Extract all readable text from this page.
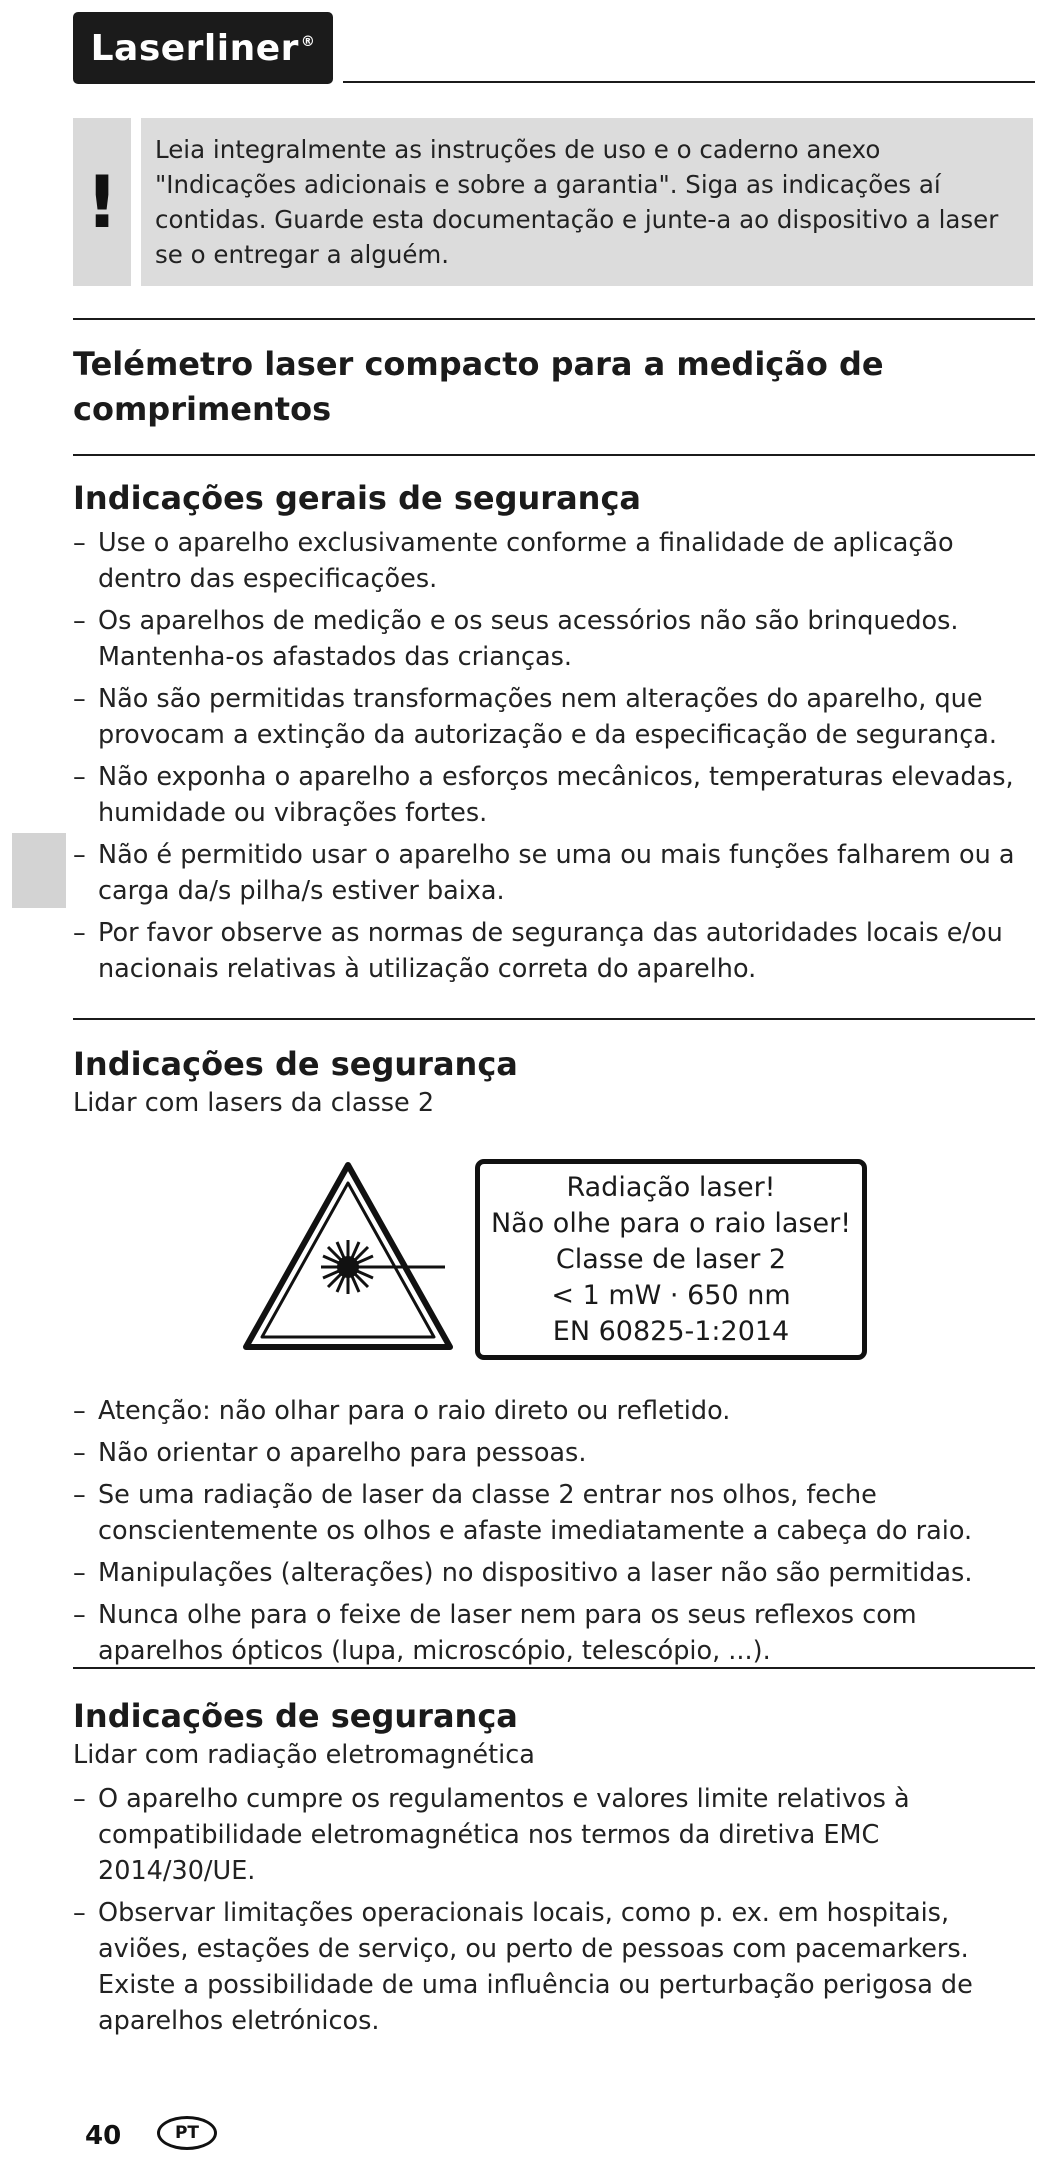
Laserliner®
!
Leia integralmente as instruções de uso e o caderno anexo "Indicações adicionais e sobre a garantia". Siga as indicações aí contidas. Guarde esta documentação e junte-a ao dispositivo a laser se o entregar a alguém.
Telémetro laser compacto para a medição de comprimentos
Indicações gerais de segurança
– Use o aparelho exclusivamente conforme a finalidade de aplicação dentro das especificações.
– Os aparelhos de medição e os seus acessórios não são brinquedos. Mantenha-os afastados das crianças.
– Não são permitidas transformações nem alterações do aparelho, que provocam a extinção da autorização e da especificação de segurança.
– Não exponha o aparelho a esforços mecânicos, temperaturas elevadas, humidade ou vibrações fortes.
– Não é permitido usar o aparelho se uma ou mais funções falharem ou a carga da/s pilha/s estiver baixa.
– Por favor observe as normas de segurança das autoridades locais e/ou nacionais relativas à utilização correta do aparelho.
Indicações de segurança
Lidar com lasers da classe 2
Radiação laser!
Não olhe para o raio laser!
Classe de laser 2
< 1 mW · 650 nm
EN 60825-1:2014
– Atenção: não olhar para o raio direto ou refletido.
– Não orientar o aparelho para pessoas.
– Se uma radiação de laser da classe 2 entrar nos olhos, feche conscientemente os olhos e afaste imediatamente a cabeça do raio.
– Manipulações (alterações) no dispositivo a laser não são permitidas.
– Nunca olhe para o feixe de laser nem para os seus reflexos com aparelhos ópticos (lupa, microscópio, telescópio, ...).
Indicações de segurança
Lidar com radiação eletromagnética
– O aparelho cumpre os regulamentos e valores limite relativos à compatibilidade eletromagnética nos termos da diretiva EMC 2014/30/UE.
– Observar limitações operacionais locais, como p. ex. em hospitais, aviões, estações de serviço, ou perto de pessoas com pacemarkers. Existe a possibilidade de uma influência ou perturbação perigosa de aparelhos eletrónicos.
40	PT
